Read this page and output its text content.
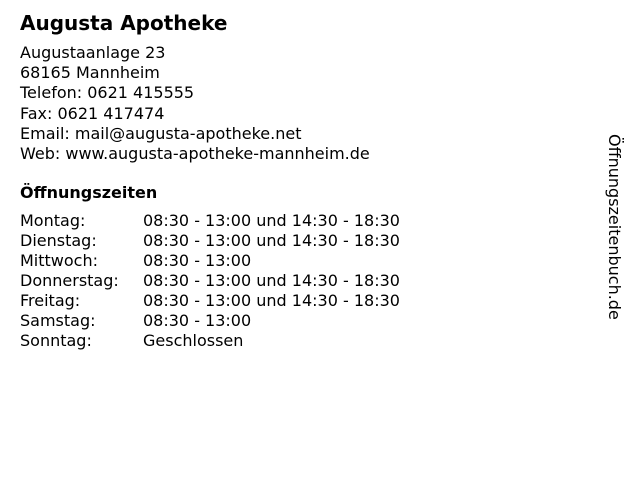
Augusta Apotheke
Augustaanlage 23
68165 Mannheim
Telefon: 0621 415555
Fax: 0621 417474
Email: mail@augusta-apotheke.net
Web: www.augusta-apotheke-mannheim.de
Öffnungszeiten
Montag:	08:30 - 13:00 und 14:30 - 18:30
Dienstag:	08:30 - 13:00 und 14:30 - 18:30
Mittwoch:	08:30 - 13:00
Donnerstag:	08:30 - 13:00 und 14:30 - 18:30
Freitag:	08:30 - 13:00 und 14:30 - 18:30
Samstag:	08:30 - 13:00
Sonntag:	Geschlossen
Öffnungszeitenbuch.de
